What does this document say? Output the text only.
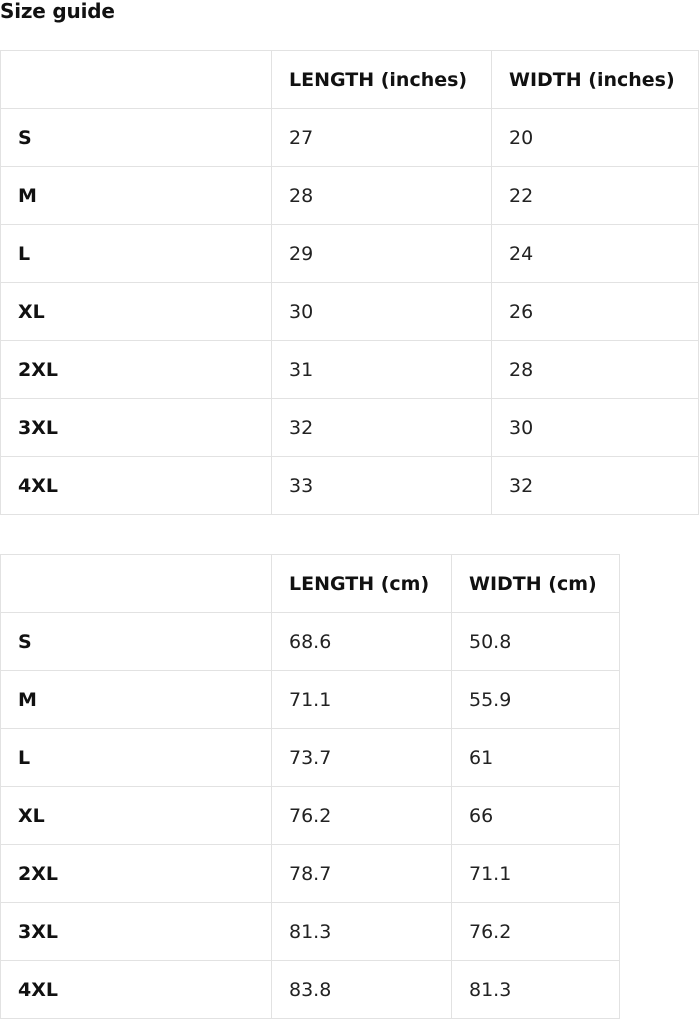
Size guide
	LENGTH (inches)	WIDTH (inches)
S	27	20
M	28	22
L	29	24
XL	30	26
2XL	31	28
3XL	32	30
4XL	33	32
	LENGTH (cm)	WIDTH (cm)
S	68.6	50.8
M	71.1	55.9
L	73.7	61
XL	76.2	66
2XL	78.7	71.1
3XL	81.3	76.2
4XL	83.8	81.3
